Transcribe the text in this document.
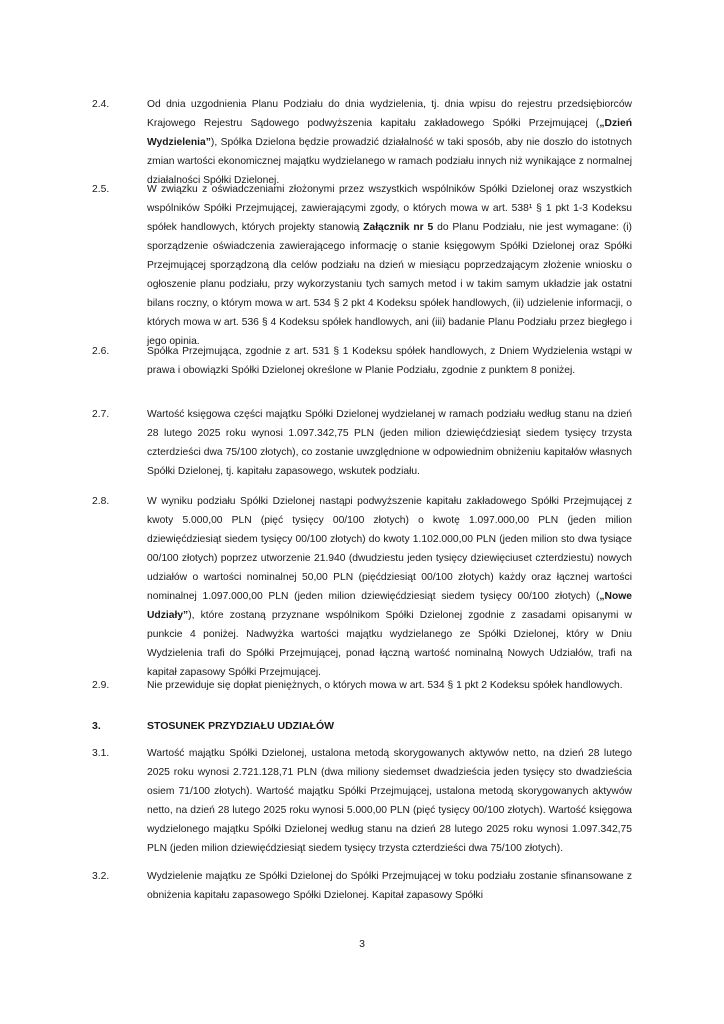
2.4.	Od dnia uzgodnienia Planu Podziału do dnia wydzielenia, tj. dnia wpisu do rejestru przedsiębiorców Krajowego Rejestru Sądowego podwyższenia kapitału zakładowego Spółki Przejmującej („Dzień Wydzielenia”), Spółka Dzielona będzie prowadzić działalność w taki sposób, aby nie doszło do istotnych zmian wartości ekonomicznej majątku wydzielanego w ramach podziału innych niż wynikające z normalnej działalności Spółki Dzielonej.
2.5.	W związku z oświadczeniami złożonymi przez wszystkich wspólników Spółki Dzielonej oraz wszystkich wspólników Spółki Przejmującej, zawierającymi zgody, o których mowa w art. 538¹ § 1 pkt 1-3 Kodeksu spółek handlowych, których projekty stanowią Załącznik nr 5 do Planu Podziału, nie jest wymagane: (i) sporządzenie oświadczenia zawierającego informację o stanie księgowym Spółki Dzielonej oraz Spółki Przejmującej sporządzoną dla celów podziału na dzień w miesiącu poprzedzającym złożenie wniosku o ogłoszenie planu podziału, przy wykorzystaniu tych samych metod i w takim samym układzie jak ostatni bilans roczny, o którym mowa w art. 534 § 2 pkt 4 Kodeksu spółek handlowych, (ii) udzielenie informacji, o których mowa w art. 536 § 4 Kodeksu spółek handlowych, ani (iii) badanie Planu Podziału przez biegłego i jego opinia.
2.6.	Spółka Przejmująca, zgodnie z art. 531 § 1 Kodeksu spółek handlowych, z Dniem Wydzielenia wstąpi w prawa i obowiązki Spółki Dzielonej określone w Planie Podziału, zgodnie z punktem 8 poniżej.
2.7.	Wartość księgowa części majątku Spółki Dzielonej wydzielanej w ramach podziału według stanu na dzień 28 lutego 2025 roku wynosi 1.097.342,75 PLN (jeden milion dziewięćdziesiąt siedem tysięcy trzysta czterdzieści dwa 75/100 złotych), co zostanie uwzględnione w odpowiednim obniżeniu kapitałów własnych Spółki Dzielonej, tj. kapitału zapasowego, wskutek podziału.
2.8.	W wyniku podziału Spółki Dzielonej nastąpi podwyższenie kapitału zakładowego Spółki Przejmującej z kwoty 5.000,00 PLN (pięć tysięcy 00/100 złotych) o kwotę 1.097.000,00 PLN (jeden milion dziewięćdziesiąt siedem tysięcy 00/100 złotych) do kwoty 1.102.000,00 PLN (jeden milion sto dwa tysiące 00/100 złotych) poprzez utworzenie 21.940 (dwudziestu jeden tysięcy dziewięciuset czterdziestu) nowych udziałów o wartości nominalnej 50,00 PLN (pięćdziesiąt 00/100 złotych) każdy oraz łącznej wartości nominalnej 1.097.000,00 PLN (jeden milion dziewięćdziesiąt siedem tysięcy 00/100 złotych) („Nowe Udziały”), które zostaną przyznane wspólnikom Spółki Dzielonej zgodnie z zasadami opisanymi w punkcie 4 poniżej. Nadwyżka wartości majątku wydzielanego ze Spółki Dzielonej, który w Dniu Wydzielenia trafi do Spółki Przejmującej, ponad łączną wartość nominalną Nowych Udziałów, trafi na kapitał zapasowy Spółki Przejmującej.
2.9.	Nie przewiduje się dopłat pieniężnych, o których mowa w art. 534 § 1 pkt 2 Kodeksu spółek handlowych.
3.	STOSUNEK PRZYDZIAŁU UDZIAŁÓW
3.1.	Wartość majątku Spółki Dzielonej, ustalona metodą skorygowanych aktywów netto, na dzień 28 lutego 2025 roku wynosi 2.721.128,71 PLN (dwa miliony siedemset dwadzieścia jeden tysięcy sto dwadzieścia osiem 71/100 złotych). Wartość majątku Spółki Przejmującej, ustalona metodą skorygowanych aktywów netto, na dzień 28 lutego 2025 roku wynosi 5.000,00 PLN (pięć tysięcy 00/100 złotych). Wartość księgowa wydzielonego majątku Spółki Dzielonej według stanu na dzień 28 lutego 2025 roku wynosi 1.097.342,75 PLN (jeden milion dziewięćdziesiąt siedem tysięcy trzysta czterdzieści dwa 75/100 złotych).
3.2.	Wydzielenie majątku ze Spółki Dzielonej do Spółki Przejmującej w toku podziału zostanie sfinansowane z obniżenia kapitału zapasowego Spółki Dzielonej. Kapitał zapasowy Spółki
3
